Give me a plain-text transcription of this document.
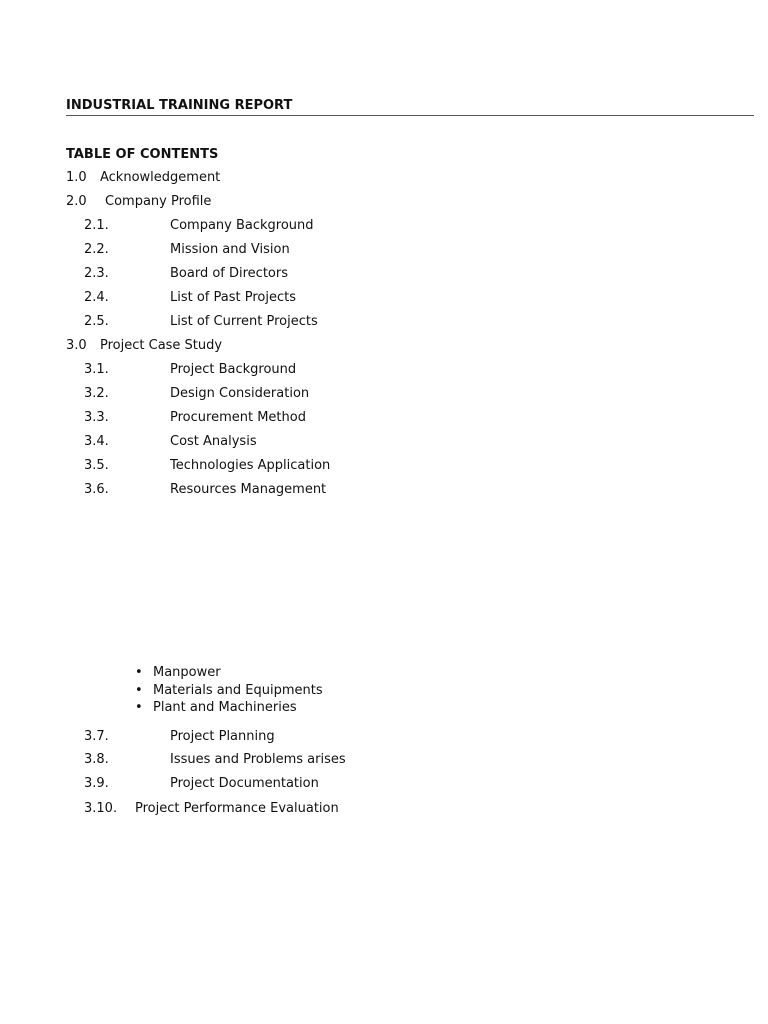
INDUSTRIAL TRAINING REPORT
TABLE OF CONTENTS
1.0 Acknowledgement
2.0 Company Profile
2.1.	Company Background
2.2.	Mission and Vision
2.3.	Board of Directors
2.4.	List of Past Projects
2.5.	List of Current Projects
3.0 Project Case Study
3.1.	Project Background
3.2.	Design Consideration
3.3.	Procurement Method
3.4.	Cost Analysis
3.5.	Technologies Application
3.6.	Resources Management
• Manpower
• Materials and Equipments
• Plant and Machineries
3.7.	Project Planning
3.8.	Issues and Problems arises
3.9.	Project Documentation
3.10. Project Performance Evaluation
